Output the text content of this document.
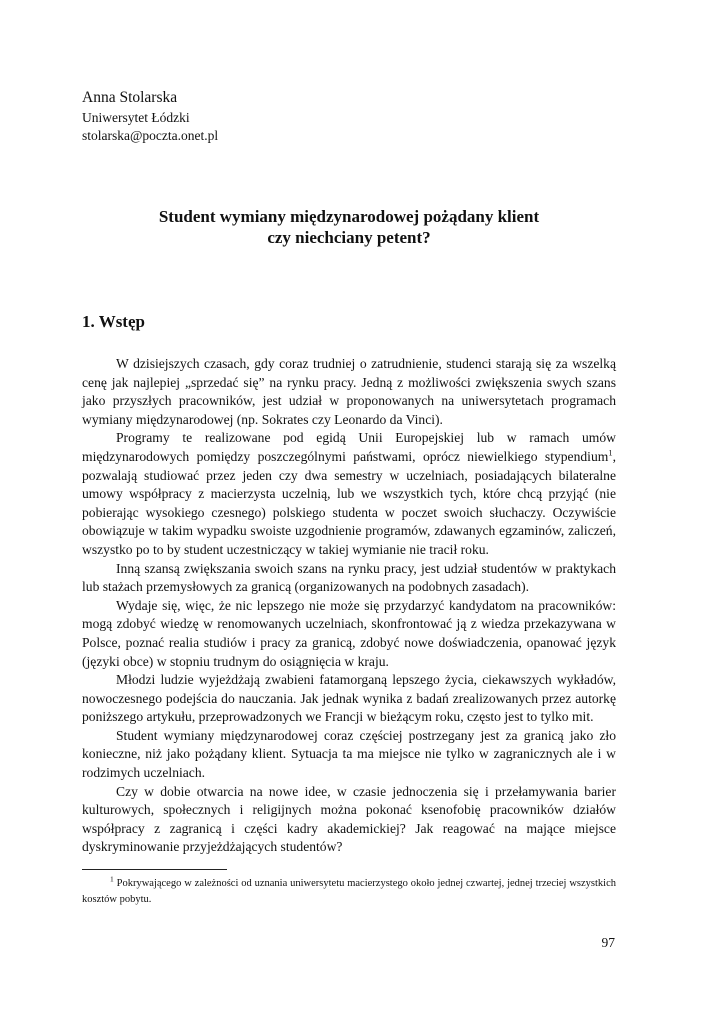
Anna Stolarska
Uniwersytet Łódzki
stolarska@poczta.onet.pl
Student wymiany międzynarodowej pożądany klient
czy niechciany petent?
1. Wstęp

W dzisiejszych czasach, gdy coraz trudniej o zatrudnienie, studenci starają się za wszelką cenę jak najlepiej „sprzedać się” na rynku pracy. Jedną z możliwości zwiększenia swych szans jako przyszłych pracowników, jest udział w proponowanych na uniwersytetach programach wymiany międzynarodowej (np. Sokrates czy Leonardo da Vinci).

Programy te realizowane pod egidą Unii Europejskiej lub w ramach umów międzynarodowych pomiędzy poszczególnymi państwami, oprócz niewielkiego stypendium$^1$, pozwalają studiować przez jeden czy dwa semestry w uczelniach, posiadających bilateralne umowy współpracy z macierzysta uczelnią, lub we wszystkich tych, które chcą przyjąć (nie pobierając wysokiego czesnego) polskiego studenta w poczet swoich słuchaczy. Oczywiście obowiązuje w takim wypadku swoiste uzgodnienie programów, zdawanych egzaminów, zaliczeń, wszystko po to by student uczestniczący w takiej wymianie nie tracił roku.

Inną szansą zwiększania swoich szans na rynku pracy, jest udział studentów w praktykach lub stażach przemysłowych za granicą (organizowanych na podobnych zasadach).

Wydaje się, więc, że nic lepszego nie może się przydarzyć kandydatom na pracowników: mogą zdobyć wiedzę w renomowanych uczelniach, skonfrontować ją z wiedza przekazywana w Polsce, poznać realia studiów i pracy za granicą, zdobyć nowe doświadczenia, opanować język (języki obce) w stopniu trudnym do osiągnięcia w kraju.

Młodzi ludzie wyjeżdżają zwabieni fatamorganą lepszego życia, ciekawszych wykładów, nowoczesnego podejścia do nauczania. Jak jednak wynika z badań zrealizowanych przez autorkę poniższego artykułu, przeprowadzonych we Francji w bieżącym roku, często jest to tylko mit.

Student wymiany międzynarodowej coraz częściej postrzegany jest za granicą jako zło konieczne, niż jako pożądany klient. Sytuacja ta ma miejsce nie tylko w zagranicznych ale i w rodzimych uczelniach.

Czy w dobie otwarcia na nowe idee, w czasie jednoczenia się i przełamywania barier kulturowych, społecznych i religijnych można pokonać ksenofobię pracowników działów współpracy z zagranicą i części kadry akademickiej? Jak reagować na mające miejsce dyskryminowanie przyjeżdżających studentów?

$^1$ Pokrywającego w zależności od uznania uniwersytetu macierzystego około jednej czwartej, jednej trzeciej wszystkich kosztów pobytu.
97
